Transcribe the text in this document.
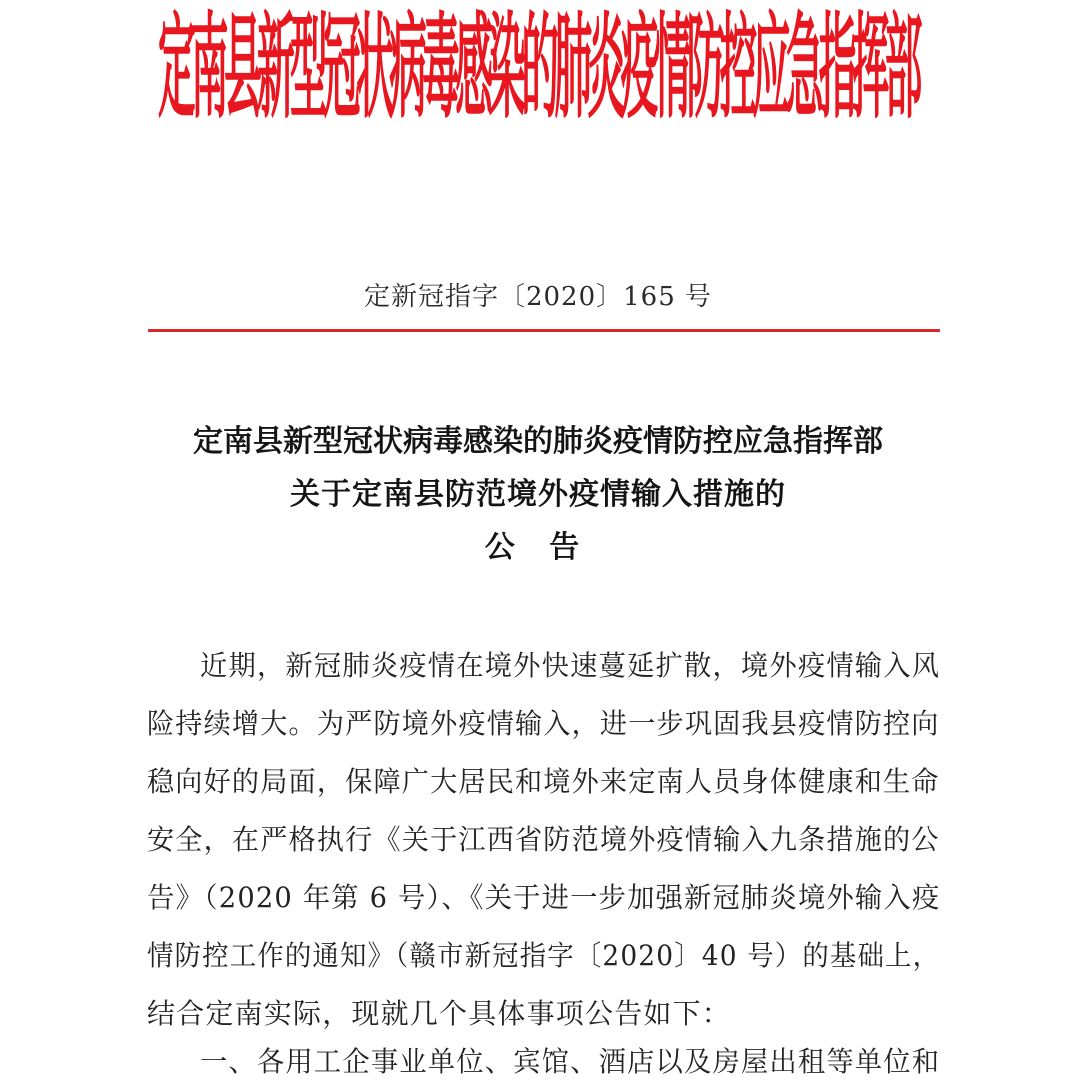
定南县新型冠状病毒感染的肺炎疫情防控应急指挥部
定新冠指字〔2020〕165 号
定南县新型冠状病毒感染的肺炎疫情防控应急指挥部
关于定南县防范境外疫情输入措施的
公 告
近期，新冠肺炎疫情在境外快速蔓延扩散，境外疫情输入风
险持续增大。为严防境外疫情输入，进一步巩固我县疫情防控向
稳向好的局面，保障广大居民和境外来定南人员身体健康和生命
安全，在严格执行《关于江西省防范境外疫情输入九条措施的公
告》（2020 年第 6 号）、《关于进一步加强新冠肺炎境外输入疫
情防控工作的通知》（赣市新冠指字〔2020〕40 号）的基础上，
结合定南实际，现就几个具体事项公告如下：
一、各用工企事业单位、宾馆、酒店以及房屋出租等单位和
